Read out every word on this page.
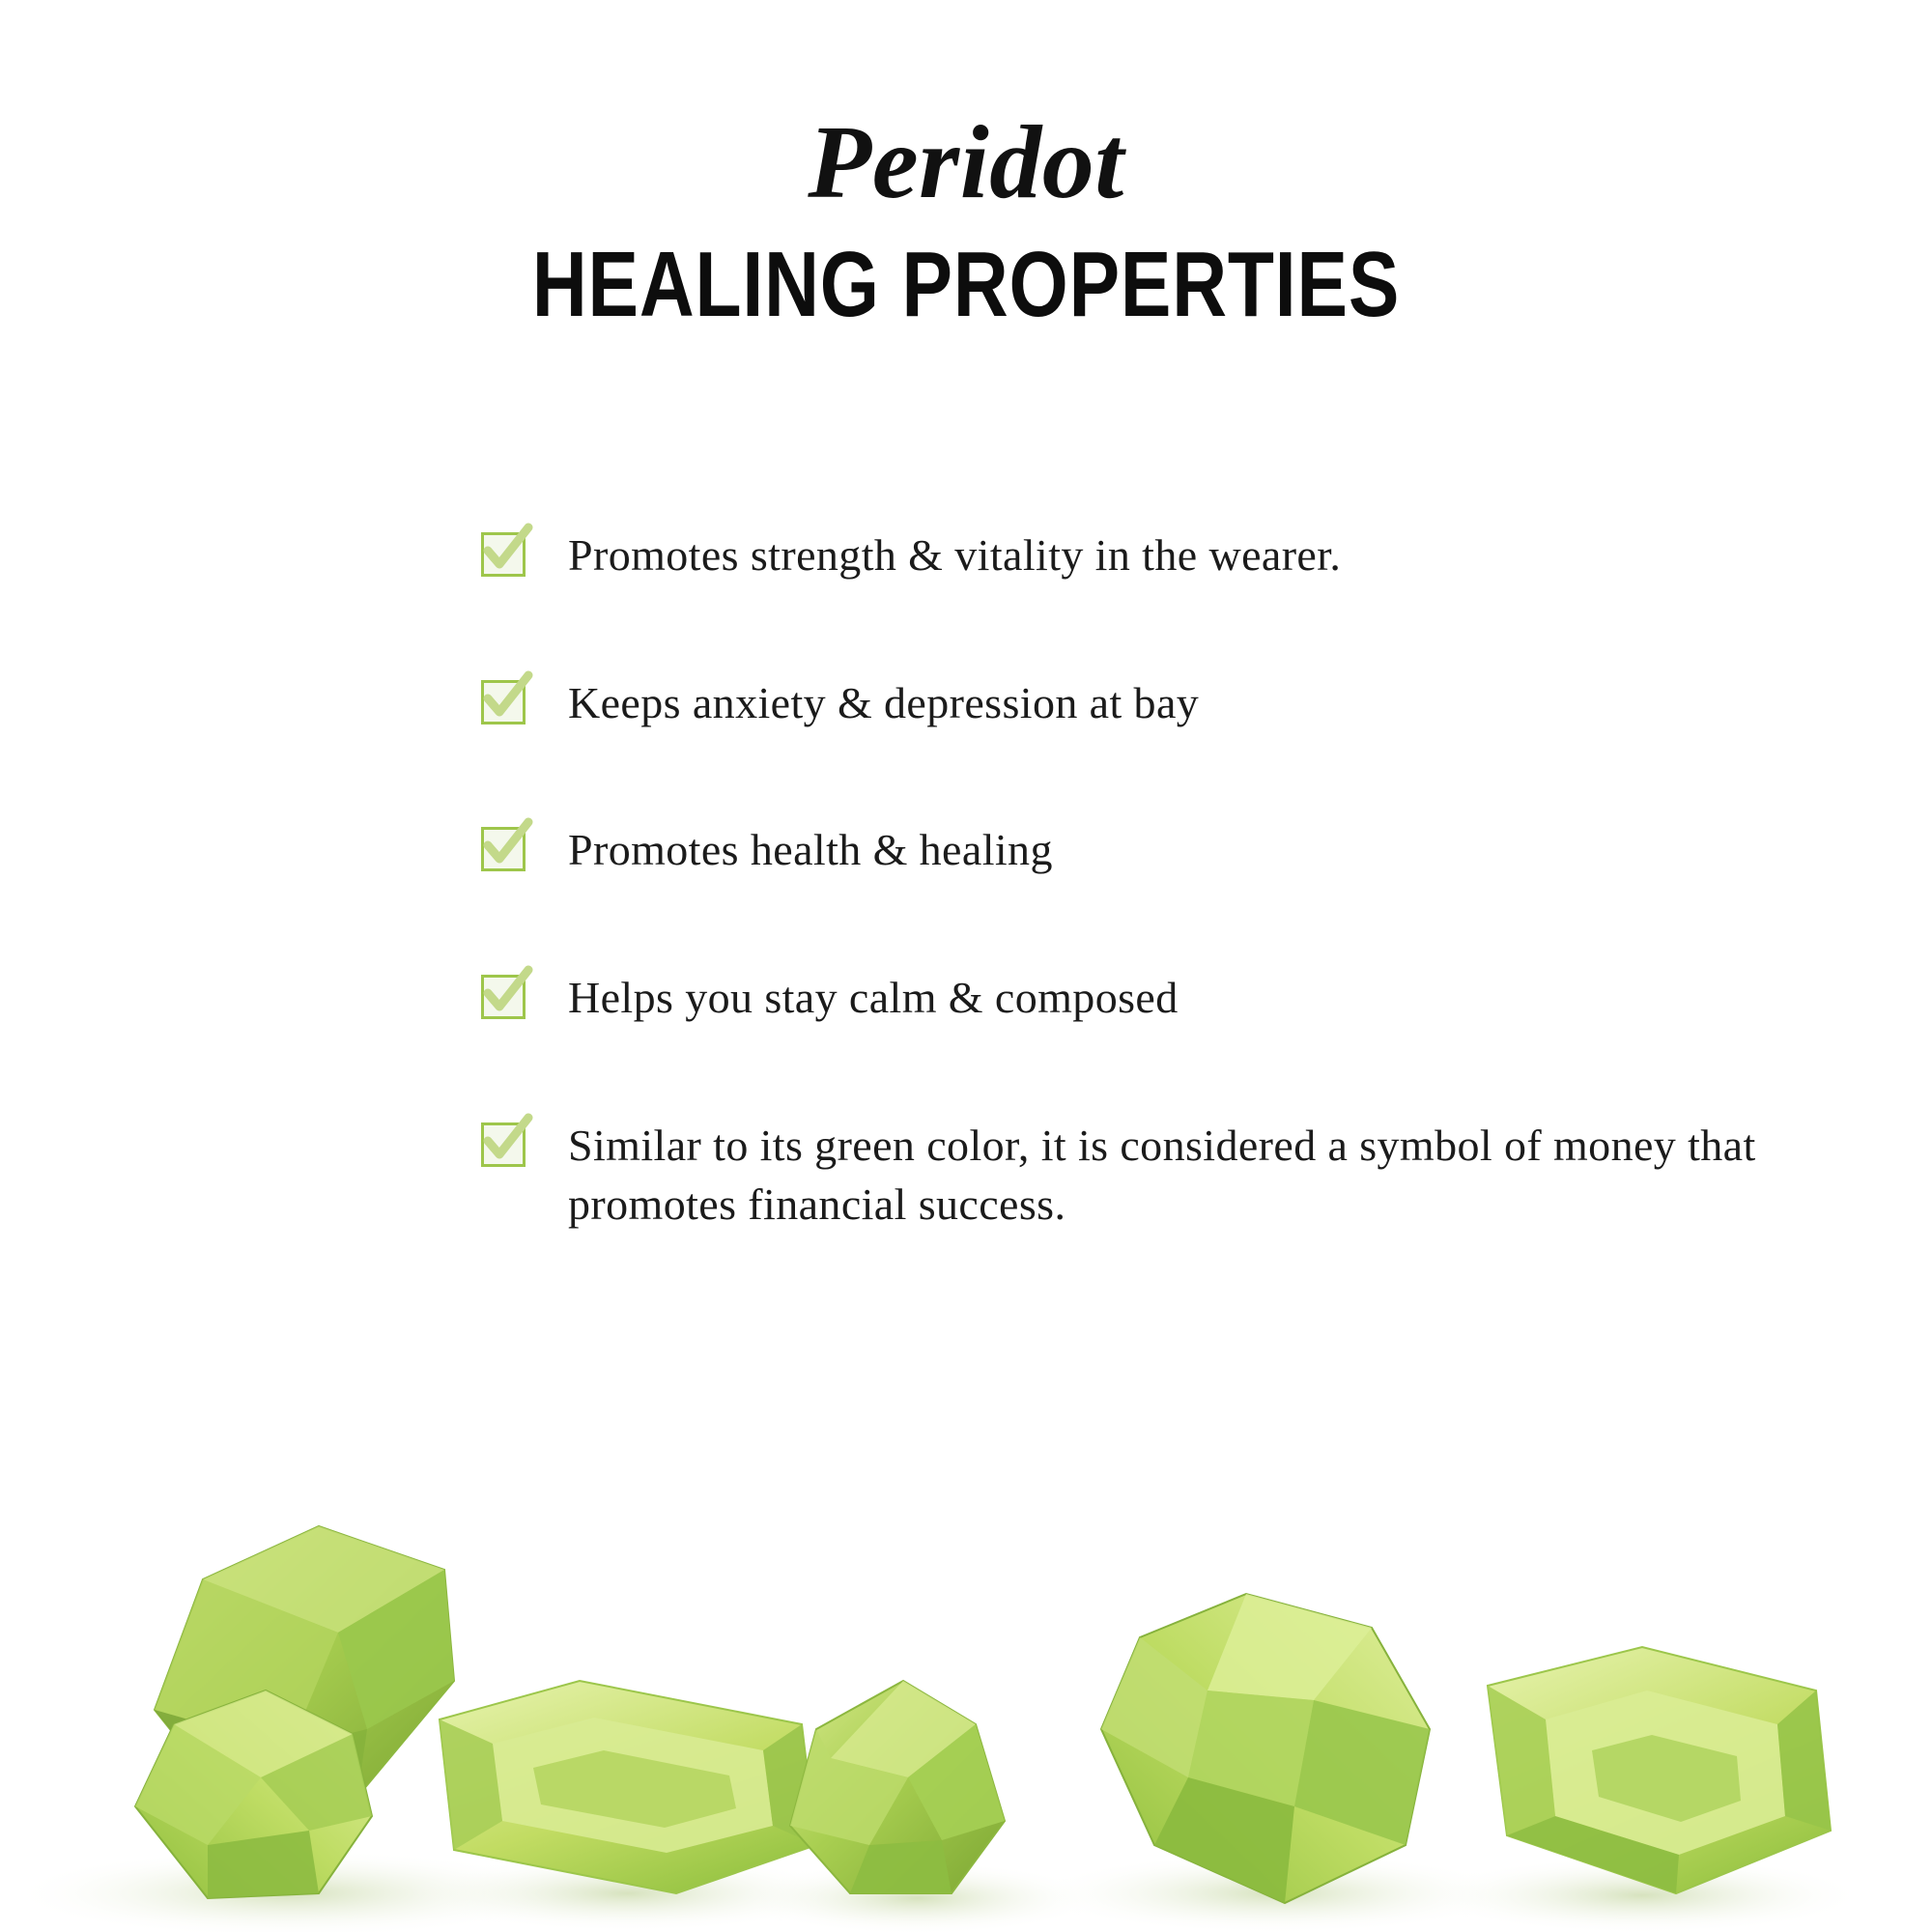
Peridot
HEALING PROPERTIES
Promotes strength & vitality in the wearer.
Keeps anxiety & depression at bay
Promotes health & healing
Helps you stay calm & composed
Similar to its green color, it is considered a symbol of money that promotes financial success.
